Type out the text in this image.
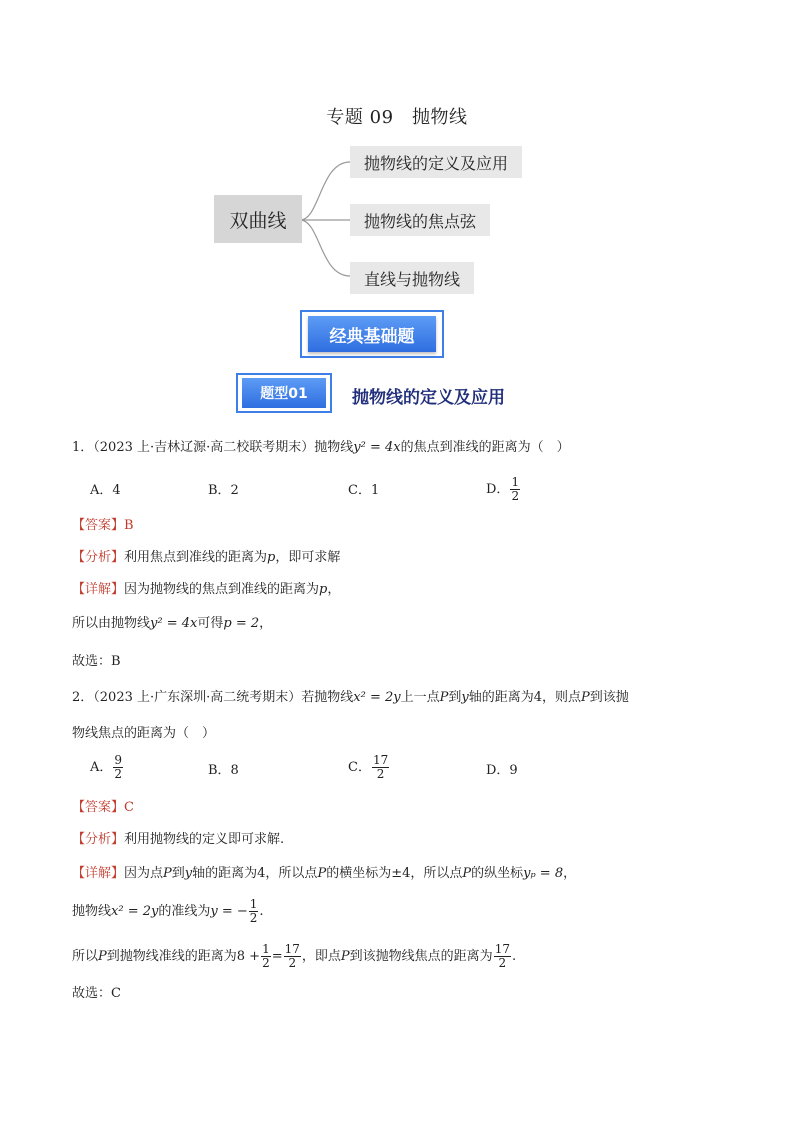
专题 09　抛物线
双曲线
抛物线的定义及应用
抛物线的焦点弦
直线与抛物线
经典基础题
题型01	抛物线的定义及应用
1．（2023 上·吉林辽源·高二校联考期末）抛物线y² = 4x的焦点到准线的距离为（　）
A．4	B．2	C．1	D． $\frac{1}{2}$
【答案】B
【分析】利用焦点到准线的距离为p，即可求解
【详解】因为抛物线的焦点到准线的距离为p，
所以由抛物线y² = 4x可得p = 2，
故选：B
2．（2023 上·广东深圳·高二统考期末）若抛物线x² = 2y上一点P到y轴的距离为4，则点P到该抛
物线焦点的距离为（　）
A． $\frac{9}{2}$	B．8	C． $\frac{17}{2}$	D．9
【答案】C
【分析】利用抛物线的定义即可求解.
【详解】因为点P到y轴的距离为4，所以点P的横坐标为±4，所以点P的纵坐标yₚ = 8，
抛物线x² = 2y的准线为y = − $\frac{1}{2}$ .
所以P到抛物线准线的距离为$8 + \frac{1}{2} = \frac{17}{2}$ ，即点P到该抛物线焦点的距离为 $\frac{17}{2}$ .
故选：C
